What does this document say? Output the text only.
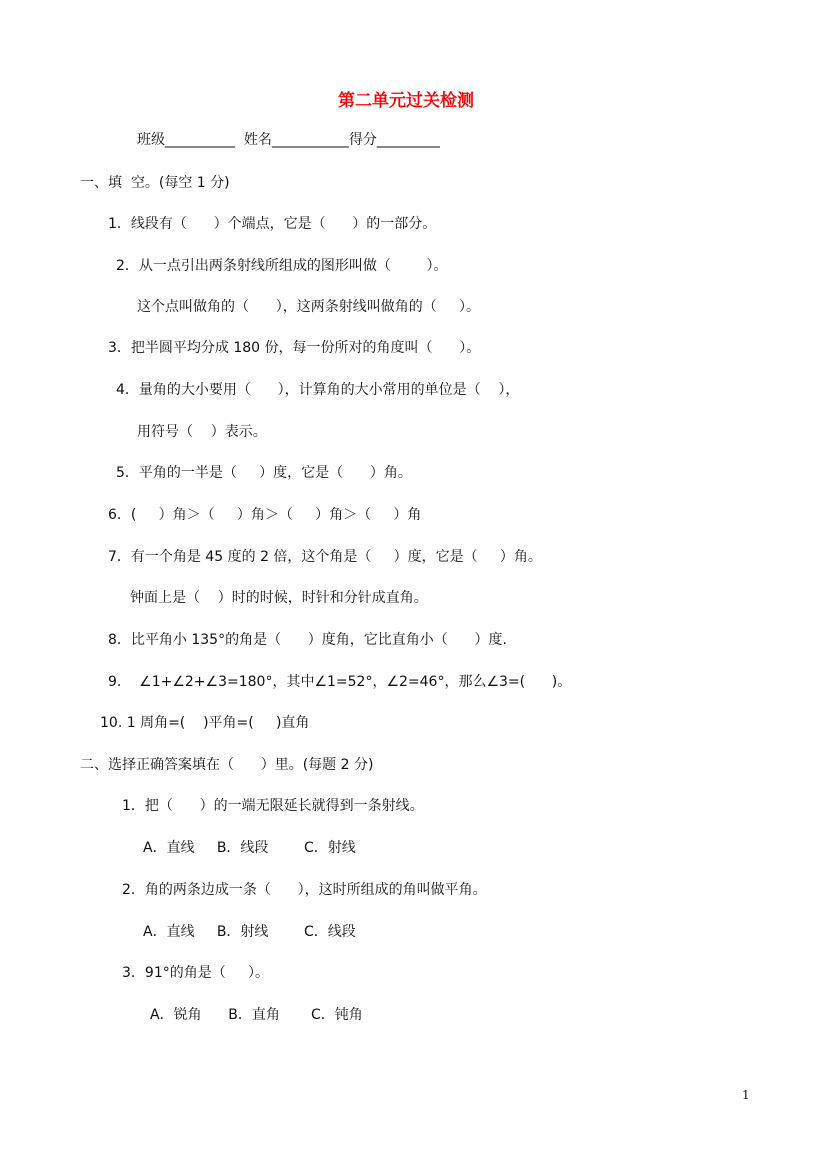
第二单元过关检测
班级__________  姓名___________得分_________
一、填  空。(每空 1 分)
1．线段有（      ）个端点，它是（      ）的一部分。
2．从一点引出两条射线所组成的图形叫做（        ）。
这个点叫做角的（      ），这两条射线叫做角的（     ）。
3．把半圆平均分成 180 份，每一份所对的角度叫（      ）。
4．量角的大小要用（      ），计算角的大小常用的单位是（    ），
用符号（    ）表示。
5．平角的一半是（     ）度，它是（      ）角。
6．(     ）角＞（     ）角＞（     ）角＞（     ）角
7．有一个角是 45 度的 2 倍，这个角是（     ）度，它是（     ）角。
钟面上是（    ）时的时候，时针和分针成直角。
8．比平角小 135°的角是（      ）度角，它比直角小（      ）度.
9.    ∠1+∠2+∠3=180°，其中∠1=52°，∠2=46°，那么∠3=(      )。
10. 1 周角=(    )平角=(     )直角
二、选择正确答案填在（      ）里。(每题 2 分)
1．把（      ）的一端无限延长就得到一条射线。
A．直线     B．线段        C．射线
2．角的两条边成一条（      ），这时所组成的角叫做平角。
A．直线     B．射线        C．线段
3．91°的角是（     ）。
A．锐角      B．直角       C．钝角
1
